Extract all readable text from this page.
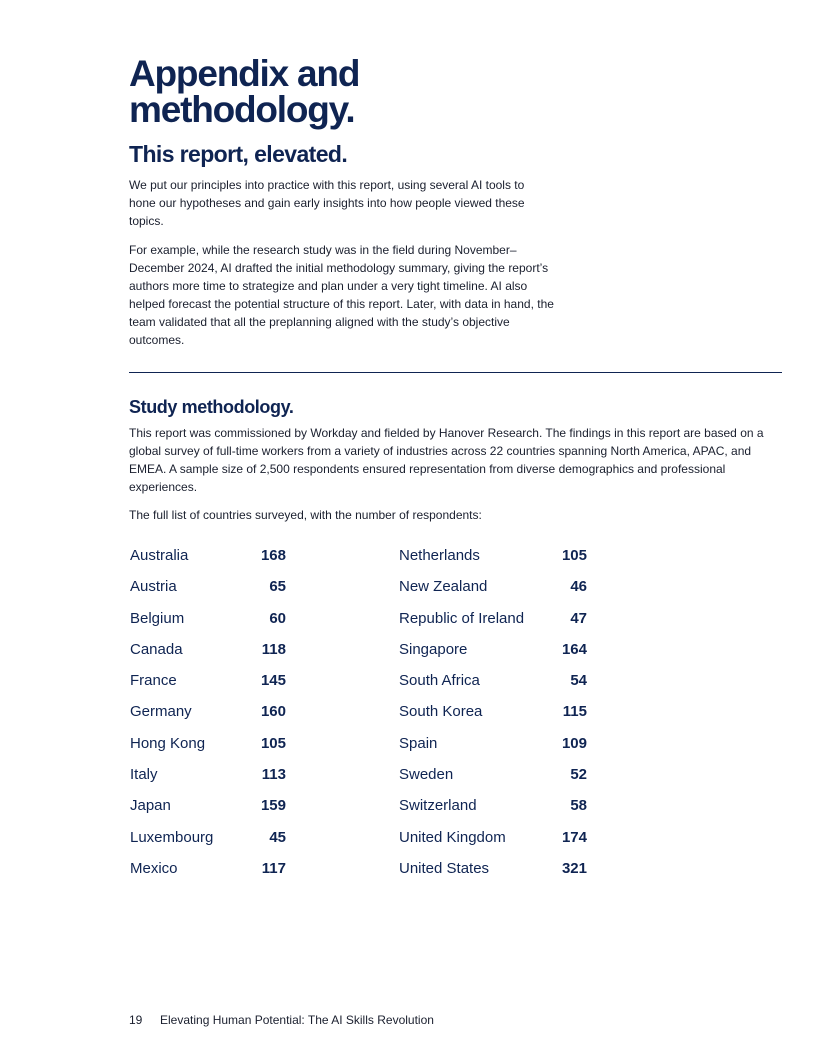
Appendix and methodology.
This report, elevated.

We put our principles into practice with this report, using several AI tools to hone our hypotheses and gain early insights into how people viewed these topics.

For example, while the research study was in the field during November–December 2024, AI drafted the initial methodology summary, giving the report’s authors more time to strategize and plan under a very tight timeline. AI also helped forecast the potential structure of this report. Later, with data in hand, the team validated that all the preplanning aligned with the study’s objective outcomes.

Study methodology.

This report was commissioned by Workday and fielded by Hanover Research. The findings in this report are based on a global survey of full-time workers from a variety of industries across 22 countries spanning North America, APAC, and EMEA. A sample size of 2,500 respondents ensured representation from diverse demographics and professional experiences.

The full list of countries surveyed, with the number of respondents:

Australia	168
Austria	65
Belgium	60
Canada	118
France	145
Germany	160
Hong Kong	105
Italy	113
Japan	159
Luxembourg	45
Mexico	117
Netherlands	105
New Zealand	46
Republic of Ireland	47
Singapore	164
South Africa	54
South Korea	115
Spain	109
Sweden	52
Switzerland	58
United Kingdom	174
United States	321
19 Elevating Human Potential: The AI Skills Revolution
